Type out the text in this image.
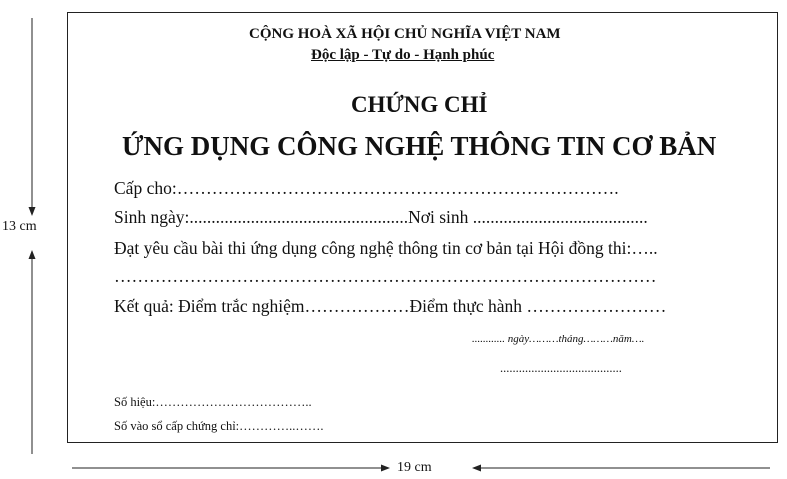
13 cm
19 cm
CỘNG HOÀ XÃ HỘI CHỦ NGHĨA VIỆT NAM
Độc lập - Tự do - Hạnh phúc
CHỨNG CHỈ
ỨNG DỤNG CÔNG NGHỆ THÔNG TIN CƠ BẢN
Cấp cho:………………………………………………………………….
Sinh ngày:..................................................Nơi sinh ........................................
Đạt yêu cầu bài thi ứng dụng công nghệ thông tin cơ bản tại Hội đồng thi:…..
…………………………………………………………………………………
Kết quả: Điểm trắc nghiệm………………Điểm thực hành ……………………
............ ngày………tháng………năm….
.......................................
Số hiệu:………………………………..
Số vào sổ cấp chứng chỉ:…………..…….
